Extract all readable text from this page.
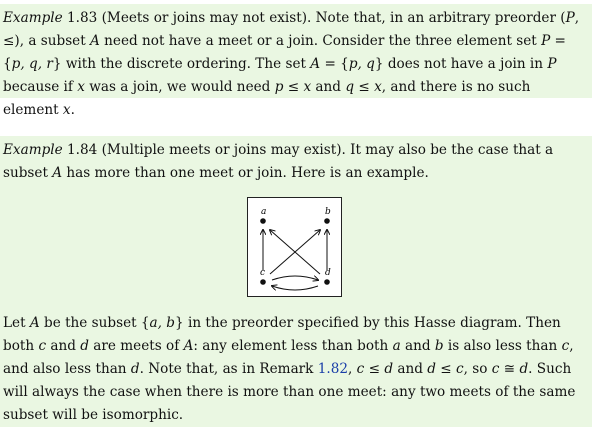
Example 1.83 (Meets or joins may not exist). Note that, in an arbitrary preorder (P, ≤), a subset A need not have a meet or a join. Consider the three element set P = {p, q, r} with the discrete ordering. The set A = {p, q} does not have a join in P because if x was a join, we would need p ≤ x and q ≤ x, and there is no such element x.

Example 1.84 (Multiple meets or joins may exist). It may also be the case that a subset A has more than one meet or join. Here is an example.

a	b
c	d

Let A be the subset {a, b} in the preorder specified by this Hasse diagram. Then both c and d are meets of A: any element less than both a and b is also less than c, and also less than d. Note that, as in Remark 1.82, c ≤ d and d ≤ c, so c ≅ d. Such will always the case when there is more than one meet: any two meets of the same subset will be isomorphic.
